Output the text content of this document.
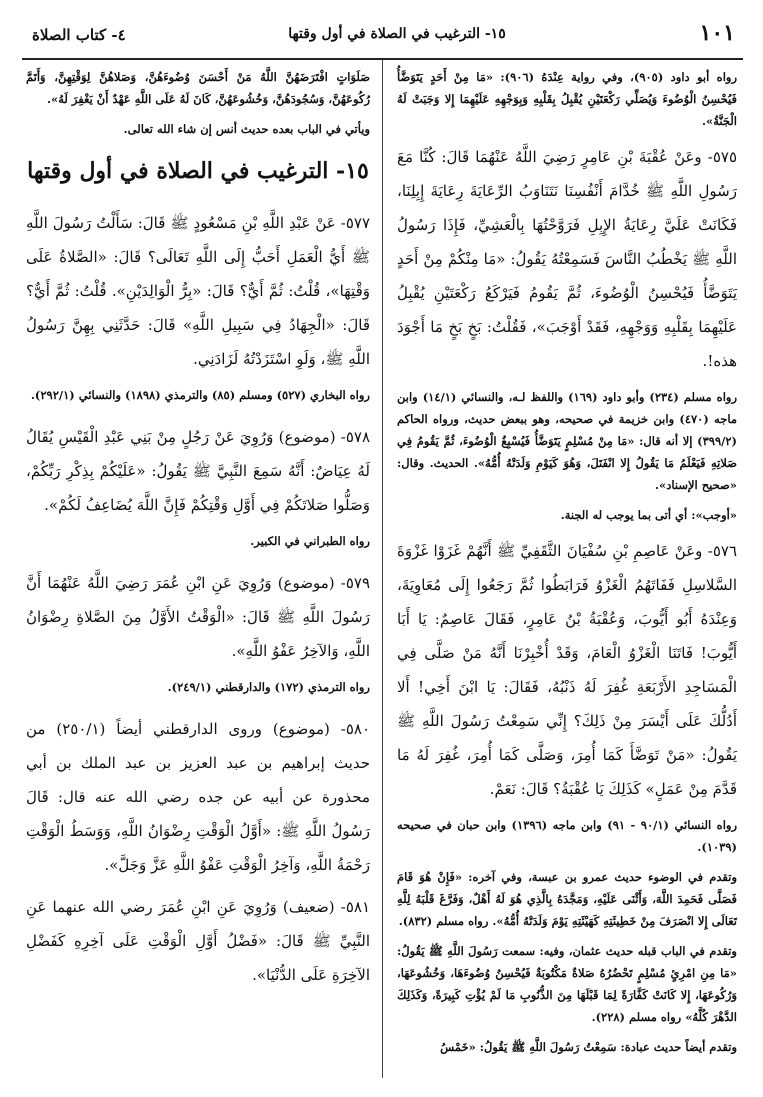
٤- كتاب الصلاة	١٥- الترغيب في الصلاة في أول وقتها	١٠١

رواه أبو داود (٩٠٥)، وفي رواية عِنْدَهُ (٩٠٦): «مَا مِنْ أَحَدٍ يَتَوَضَّأُ فَيُحْسِنُ الْوُضُوءَ وَيُصَلِّي رَكْعَتَيْنِ يُقْبِلُ بِقَلْبِهِ وَبِوَجْهِهِ عَلَيْهِمَا إِلا وَجَبَتْ لَهُ الْجَنَّةُ».

٥٧٥- وعَنْ عُقْبَةَ بْنِ عَامِرٍ رَضِيَ اللَّهُ عَنْهُمَا قَالَ: كُنَّا مَعَ رَسُولِ اللَّهِ ﷺ خُدَّامَ أَنْفُسِنَا نَتَنَاوَبُ الرِّعَايَةَ رِعَايَةَ إِبِلِنَا، فَكَانَتْ عَلَيَّ رِعَايَةُ الإِبِلِ فَرَوَّحْتُهَا بِالْعَشِيِّ، فَإِذَا رَسُولُ اللَّهِ ﷺ يَخْطُبُ النَّاسَ فَسَمِعْتُهُ يَقُولُ: «مَا مِنْكُمْ مِنْ أَحَدٍ يَتَوَضَّأُ فَيُحْسِنُ الْوُضُوءَ، ثُمَّ يَقُومُ فَيَرْكَعُ رَكْعَتَيْنِ يُقْبِلُ عَلَيْهِمَا بِقَلْبِهِ وَوَجْهِهِ، فَقَدْ أَوْجَبَ»، فَقُلْتُ: بَخٍ بَخٍ مَا أَجْوَدَ هذه!.

رواه مسلم (٢٣٤) وأبو داود (١٦٩) واللفظ لـه، والنسائي (١٤/١) وابن ماجه (٤٧٠) وابن خزيمة في صحيحه، وهو ببعض حديث، ورواه الحاكم (٣٩٩/٢) إلا أنه قال: «مَا مِنْ مُسْلِمٍ يَتَوَضَّأُ فَيُسْبِغُ الْوُضُوءَ، ثُمَّ يَقُومُ فِي صَلاتِهِ فَيَعْلَمُ مَا يَقُولُ إِلا انْفَتَلَ، وَهُوَ كَيَوْمِ وَلَدَتْهُ أُمُّهُ». الحديث. وقال: «صحيح الإسناد».

«أوجب»: أي أتى بما يوجب له الجنة.

٥٧٦- وعَنْ عَاصِمِ بْنِ سُفْيَانَ الثَّقَفِيِّ ﷺ أَنَّهُمْ غَزَوْا غَزْوَةَ السَّلاسِلِ فَفَاتَهُمُ الْغَزْوُ فَرَابَطُوا ثُمَّ رَجَعُوا إِلَى مُعَاوِيَةَ، وَعِنْدَهُ أَبُو أَيُّوبَ، وَعُقْبَةُ بْنُ عَامِرٍ، فَقَالَ عَاصِمٌ: يَا أَبَا أَيُّوبَ! فَاتَنَا الْغَزْوُ الْعَامَ، وَقَدْ أُخْبِرْنَا أَنَّهُ مَنْ صَلَّى فِي الْمَسَاجِدِ الأَرْبَعَةِ غُفِرَ لَهُ ذَنْبُهُ، فَقَالَ: يَا ابْنَ أَخِي! أَلا أَدُلُّكَ عَلَى أَيْسَرَ مِنْ ذَلِكَ؟ إِنِّي سَمِعْتُ رَسُولَ اللَّهِ ﷺ يَقُولُ: «مَنْ تَوَضَّأَ كَمَا أُمِرَ، وَصَلَّى كَمَا أُمِرَ، غُفِرَ لَهُ مَا قَدَّمَ مِنْ عَمَلٍ» كَذَلِكَ يَا عُقْبَةُ؟ قَالَ: نَعَمْ.

رواه النسائي (٩٠/١ - ٩١) وابن ماجه (١٣٩٦) وابن حبان في صحيحه (١٠٣٩).

وتقدم في الوضوء حديث عمرو بن عبسة، وفي آخره: «فَإِنْ هُوَ قَامَ فَصَلَّى فَحَمِدَ اللَّهَ، وَأَثْنَى عَلَيْهِ، وَمَجَّدَهُ بِالَّذِي هُوَ لَهُ أَهْلٌ، وَفَرَّغَ قَلْبَهُ لِلَّهِ تَعَالَى إِلا انْصَرَفَ مِنْ خَطِيئَتِهِ كَهَيْئَتِهِ يَوْمَ وَلَدَتْهُ أُمُّهُ». رواه مسلم (٨٣٢).

وتقدم في الباب قبله حديث عثمان، وفيه: سمعت رَسُولَ اللَّهِ ﷺ يَقُولُ: «مَا مِنِ امْرِئٍ مُسْلِمٍ تَحْضُرُهُ صَلاةٌ مَكْتُوبَةٌ فَيُحْسِنُ وُضُوءَهَا، وَخُشُوعَهَا، وَرُكُوعَهَا، إِلا كَانَتْ كَفَّارَةً لِمَا قَبْلَهَا مِنَ الذُّنُوبِ مَا لَمْ يُؤْتِ كَبِيرَةً، وَكَذَلِكَ الدَّهْرَ كُلَّهُ» رواه مسلم (٢٢٨).

وتقدم أيضاً حديث عبادة: سَمِعْتُ رَسُولَ اللَّهِ ﷺ يَقُولُ: «خَمْسُ

صَلَوَاتٍ افْتَرَضَهُنَّ اللَّهُ مَنْ أَحْسَنَ وُضُوءَهُنَّ، وَصَلاهُنَّ لِوَقْتِهِنَّ، وَأَتَمَّ رُكُوعَهُنَّ، وَسُجُودَهُنَّ، وَخُشُوعَهُنَّ، كَانَ لَهُ عَلَى اللَّهِ عَهْدٌ أَنْ يَغْفِرَ لَهُ».

ويأتي في الباب بعده حديث أنس إن شاء الله تعالى.

١٥- الترغيب في الصلاة في أول وقتها

٥٧٧- عَنْ عَبْدِ اللَّهِ بْنِ مَسْعُودٍ ﷺ قَالَ: سَأَلْتُ رَسُولَ اللَّهِ ﷺ أَيُّ الْعَمَلِ أَحَبُّ إِلَى اللَّهِ تَعَالَى؟ قَالَ: «الصَّلاةُ عَلَى وَقْتِهَا»، قُلْتُ: ثُمَّ أَيٌّ؟ قَالَ: «بِرُّ الْوَالِدَيْنِ». قُلْتُ: ثُمَّ أَيٌّ؟ قَالَ: «الْجِهَادُ فِي سَبِيلِ اللَّهِ» قَالَ: حَدَّثَنِي بِهِنَّ رَسُولُ اللَّهِ ﷺ، وَلَوِ اسْتَزَدْتُهُ لَزَادَنِي.

رواه البخاري (٥٢٧) ومسلم (٨٥) والترمذي (١٨٩٨) والنسائي (٢٩٢/١).

٥٧٨- (موضوع) وَرُوِيَ عَنْ رَجُلٍ مِنْ بَنِي عَبْدِ الْقَيْسِ يُقَالُ لَهُ عِيَاضٌ: أَنَّهُ سَمِعَ النَّبِيَّ ﷺ يَقُولُ: «عَلَيْكُمْ بِذِكْرِ رَبِّكُمْ، وَصَلُّوا صَلاتَكُمْ فِي أَوَّلِ وَقْتِكُمْ فَإِنَّ اللَّهَ يُضَاعِفُ لَكُمْ».

رواه الطبراني في الكبير.

٥٧٩- (موضوع) وَرُوِيَ عَنِ ابْنِ عُمَرَ رَضِيَ اللَّهُ عَنْهُمَا أَنَّ رَسُولَ اللَّهِ ﷺ قَالَ: «الْوَقْتُ الأَوَّلُ مِنَ الصَّلاةِ رِضْوَانُ اللَّهِ، وَالآخِرُ عَفْوُ اللَّهِ».

رواه الترمذي (١٧٢) والدارقطني (٢٤٩/١).

٥٨٠- (موضوع) وروى الدارقطني أيضاً (٢٥٠/١) من حديث إبراهيم بن عبد العزيز بن عبد الملك بن أبي محذورة عن أبيه عن جده رضي الله عنه قال: قَالَ رَسُولُ اللَّهِ ﷺ: «أَوَّلُ الْوَقْتِ رِضْوَانُ اللَّهِ، وَوَسَطُ الْوَقْتِ رَحْمَةُ اللَّهِ، وَآخِرُ الْوَقْتِ عَفْوُ اللَّهِ عَزَّ وَجَلَّ».

٥٨١- (ضعيف) وَرُوِيَ عَنِ ابْنِ عُمَرَ رضي الله عنهما عَنِ النَّبِيِّ ﷺ قَالَ: «فَضْلُ أَوَّلِ الْوَقْتِ عَلَى آخِرِهِ كَفَضْلِ الآخِرَةِ عَلَى الدُّنْيَا».
